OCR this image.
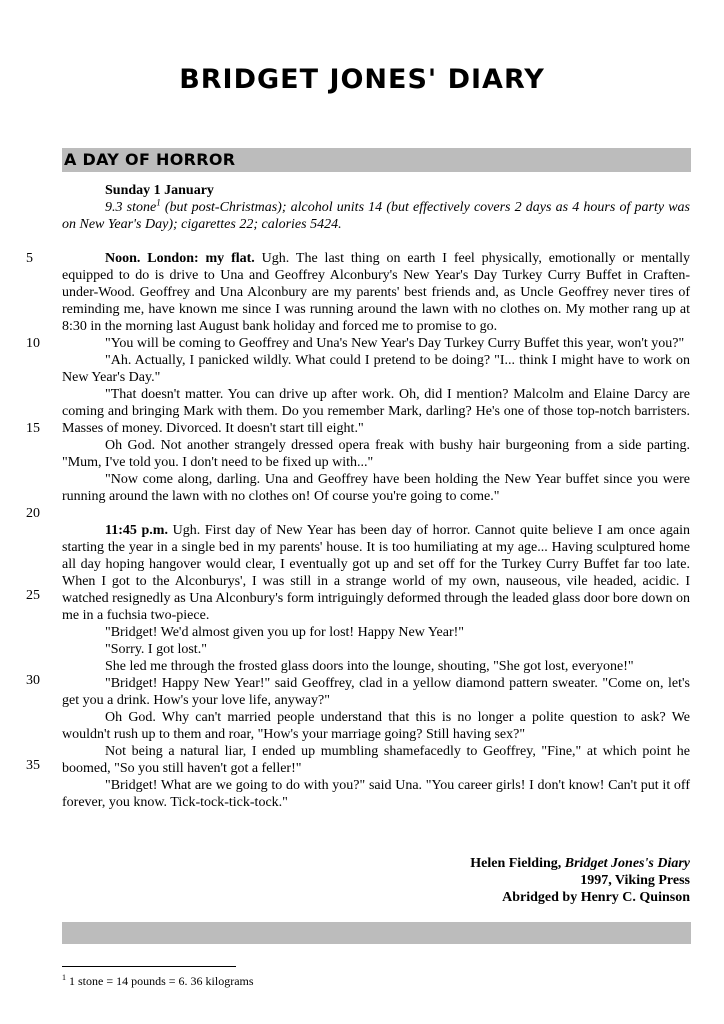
BRIDGET JONES' DIARY
A DAY OF HORROR
5
10
15
20
25
30
35

Sunday 1 January

9.3 stone$^1$ (but post-Christmas); alcohol units 14 (but effectively covers 2 days as 4 hours of party was on New Year's Day); cigarettes 22; calories 5424.

Noon. London: my flat. Ugh. The last thing on earth I feel physically, emotionally or mentally equipped to do is drive to Una and Geoffrey Alconbury's New Year's Day Turkey Curry Buffet in Craften-under-Wood. Geoffrey and Una Alconbury are my parents' best friends and, as Uncle Geoffrey never tires of reminding me, have known me since I was running around the lawn with no clothes on. My mother rang up at 8:30 in the morning last August bank holiday and forced me to promise to go.

"You will be coming to Geoffrey and Una's New Year's Day Turkey Curry Buffet this year, won't you?"

"Ah. Actually, I panicked wildly. What could I pretend to be doing? "I... think I might have to work on New Year's Day."

"That doesn't matter. You can drive up after work. Oh, did I mention? Malcolm and Elaine Darcy are coming and bringing Mark with them. Do you remember Mark, darling? He's one of those top-notch barristers. Masses of money. Divorced. It doesn't start till eight."

Oh God. Not another strangely dressed opera freak with bushy hair burgeoning from a side parting. "Mum, I've told you. I don't need to be fixed up with..."

"Now come along, darling. Una and Geoffrey have been holding the New Year buffet since you were running around the lawn with no clothes on! Of course you're going to come."

11:45 p.m. Ugh. First day of New Year has been day of horror. Cannot quite believe I am once again starting the year in a single bed in my parents' house. It is too humiliating at my age... Having sculptured home all day hoping hangover would clear, I eventually got up and set off for the Turkey Curry Buffet far too late. When I got to the Alconburys', I was still in a strange world of my own, nauseous, vile headed, acidic. I watched resignedly as Una Alconbury's form intriguingly deformed through the leaded glass door bore down on me in a fuchsia two-piece.

"Bridget! We'd almost given you up for lost! Happy New Year!"

"Sorry. I got lost."

She led me through the frosted glass doors into the lounge, shouting, "She got lost, everyone!"

"Bridget! Happy New Year!" said Geoffrey, clad in a yellow diamond pattern sweater. "Come on, let's get you a drink. How's your love life, anyway?"

Oh God. Why can't married people understand that this is no longer a polite question to ask? We wouldn't rush up to them and roar, "How's your marriage going? Still having sex?"

Not being a natural liar, I ended up mumbling shamefacedly to Geoffrey, "Fine," at which point he boomed, "So you still haven't got a feller!"

"Bridget! What are we going to do with you?" said Una. "You career girls! I don't know! Can't put it off forever, you know. Tick-tock-tick-tock."

Helen Fielding, Bridget Jones's Diary
1997, Viking Press
Abridged by Henry C. Quinson
$^1$ 1 stone = 14 pounds = 6. 36 kilograms
